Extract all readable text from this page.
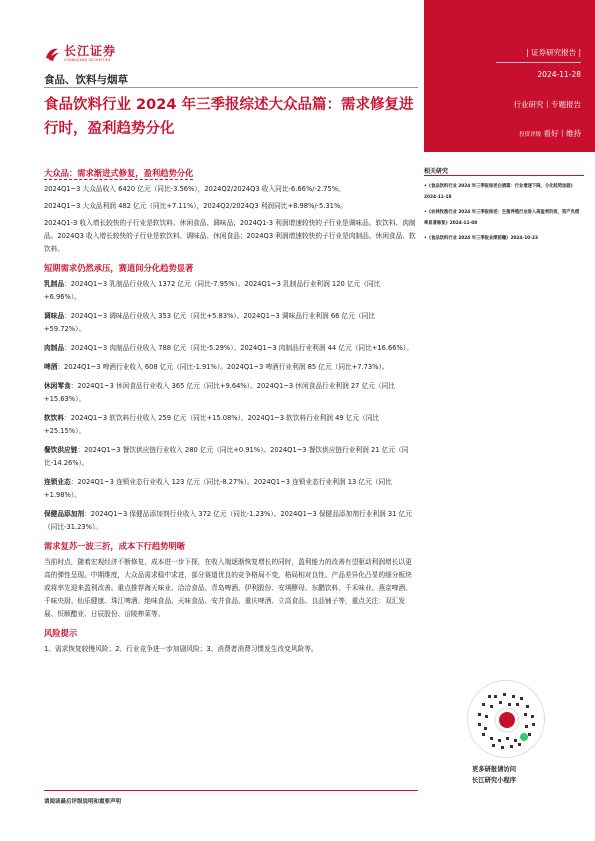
长江证券
CHANGJIANG SECURITIES
食品、饮料与烟草
食品饮料行业 2024 年三季报综述大众品篇：需求修复进行时，盈利趋势分化
| 证券研究报告 |
2024-11-28
行业研究丨专题报告
投资评级 看好丨维持
大众品：需求渐进式修复，盈利趋势分化

2024Q1~3 大众品收入 6420 亿元（同比-3.56%），2024Q2/2024Q3 收入同比-6.66%/-2.75%。

2024Q1~3 大众品利润 482 亿元（同比+7.11%），2024Q2/2024Q3 利润同比+8.98%/-5.31%。

2024Q1-3 收入增长较快的子行业是软饮料、休闲食品、调味品；2024Q1-3 利润增速较快的子行业是调味品、软饮料、肉制品。2024Q3 收入增长较快的子行业是软饮料、调味品、休闲食品；2024Q3 利润增速较快的子行业是肉制品、休闲食品、软饮料。

短期需求仍然承压，赛道间分化趋势显著

乳制品：2024Q1~3 乳制品行业收入 1372 亿元（同比-7.95%）。2024Q1~3 乳制品行业利润 120 亿元（同比+6.96%）。

调味品：2024Q1~3 调味品行业收入 353 亿元（同比+5.83%）。2024Q1~3 调味品行业利润 66 亿元（同比+59.72%）。

肉制品：2024Q1~3 肉制品行业收入 788 亿元（同比-5.29%）。2024Q1~3 肉制品行业利润 44 亿元（同比+16.66%）。

啤酒：2024Q1~3 啤酒行业收入 608 亿元（同比-1.91%）。2024Q1~3 啤酒行业利润 85 亿元（同比+7.73%）。

休闲零食：2024Q1~3 休闲食品行业收入 365 亿元（同比+9.64%）。2024Q1~3 休闲食品行业利润 27 亿元（同比+15.63%）。

软饮料：2024Q1~3 软饮料行业收入 259 亿元（同比+15.08%）。2024Q1~3 软饮料行业利润 49 亿元（同比+25.15%）。

餐饮供应链：2024Q1~3 餐饮供应链行业收入 280 亿元（同比+0.91%）。2024Q1~3 餐饮供应链行业利润 21 亿元（同比-14.26%）。

连锁业态：2024Q1~3 连锁业态行业收入 123 亿元（同比-8.27%）。2024Q1~3 连锁业态行业利润 13 亿元（同比+1.98%）。

保健品添加剂：2024Q1~3 保健品添加剂行业收入 372 亿元（同比-1.23%）。2024Q1~3 保健品添加剂行业利润 31 亿元（同比-31.23%）。

需求复苏一波三折，成本下行趋势明晰

当前时点，随着宏观经济不断修复，成本进一步下探，在收入端逐渐恢复增长的同时，盈利能力的改善有望驱动利润增长以更高的弹性呈现。中期维度，大众品需求稳中求进，部分赛道优良的竞争格局不变，格局相对良性、产品差异化凸显的细分板块或将率先迎来盈利改善。重点推荐海天味业、洽洽食品、青岛啤酒、伊利股份、安琪酵母、东鹏饮料、千禾味业、燕京啤酒、千味央厨、仙乐健康、珠江啤酒、绝味食品、天味食品、安井食品、重庆啤酒、立高食品、良品铺子等，重点关注：双汇发展、恒顺醋业、日辰股份、涪陵榨菜等。

风险提示

1、需求恢复较慢风险；2、行业竞争进一步加剧风险；3、消费者消费习惯发生改变风险等。

相关研究
•《食品饮料行业 2024 年三季报综述白酒篇：行业增速下降，分化趋势加剧》2024-11-18
•《农林牧渔行业 2024 年三季报综述：生猪养殖行业进入高盈利阶段，资产负债率显著修复》2024-11-08
•《食品饮料行业 2024 年三季报业绩前瞻》2024-10-23
更多研报请访问
长江研究小程序
请阅读最后评级说明和重要声明
